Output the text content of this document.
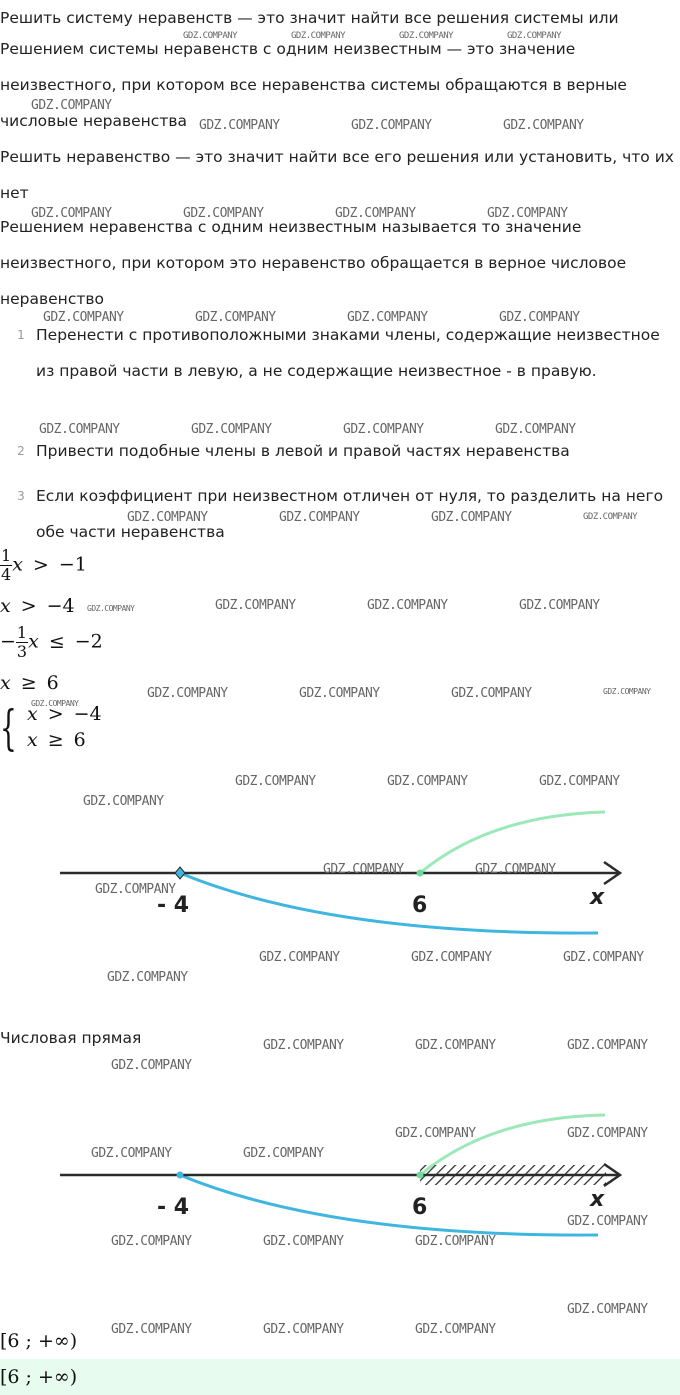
Решить систему неравенств — это значит найти все решения системы или
Решением системы неравенств с одним неизвестным — это значение неизвестного, при котором все неравенства системы обращаются в верные числовые неравенства
Решить неравенство — это значит найти все его решения или установить, что их нет
Решением неравенства с одним неизвестным называется то значение неизвестного, при котором это неравенство обращается в верное числовое неравенство
1 Перенести с противоположными знаками члены, содержащие неизвестное из правой части в левую, а не содержащие неизвестное - в правую.
2 Привести подобные члены в левой и правой частях неравенства
3 Если коэффициент при неизвестном отличен от нуля, то разделить на него обе части неравенства
$\frac{1}{4}$ x > −1
x > −4
− $\frac{1}{3}$ x ≤ −2
x ≥ 6
{ x > −4
x ≥ 6
- 4	6	x
Числовая прямая
- 4	6	x
[6 ; +∞)
[6 ; +∞)
GDZ.COMPANY	GDZ.COMPANY	GDZ.COMPANY	GDZ.COMPANY
GDZ.COMPANY
GDZ.COMPANY	GDZ.COMPANY	GDZ.COMPANY
GDZ.COMPANY	GDZ.COMPANY	GDZ.COMPANY	GDZ.COMPANY
GDZ.COMPANY	GDZ.COMPANY	GDZ.COMPANY	GDZ.COMPANY
GDZ.COMPANY	GDZ.COMPANY	GDZ.COMPANY	GDZ.COMPANY
GDZ.COMPANY	GDZ.COMPANY	GDZ.COMPANY	GDZ.COMPANY
GDZ.COMPANY	GDZ.COMPANY	GDZ.COMPANY	GDZ.COMPANY
GDZ.COMPANY	GDZ.COMPANY	GDZ.COMPANY	GDZ.COMPANY
GDZ.COMPANY
GDZ.COMPANY	GDZ.COMPANY	GDZ.COMPANY
GDZ.COMPANY
GDZ.COMPANY
GDZ.COMPANY	GDZ.COMPANY
GDZ.COMPANY	GDZ.COMPANY	GDZ.COMPANY
GDZ.COMPANY
GDZ.COMPANY	GDZ.COMPANY	GDZ.COMPANY
GDZ.COMPANY
GDZ.COMPANY	GDZ.COMPANY
GDZ.COMPANY	GDZ.COMPANY
GDZ.COMPANY
GDZ.COMPANY	GDZ.COMPANY	GDZ.COMPANY
GDZ.COMPANY
GDZ.COMPANY	GDZ.COMPANY	GDZ.COMPANY
